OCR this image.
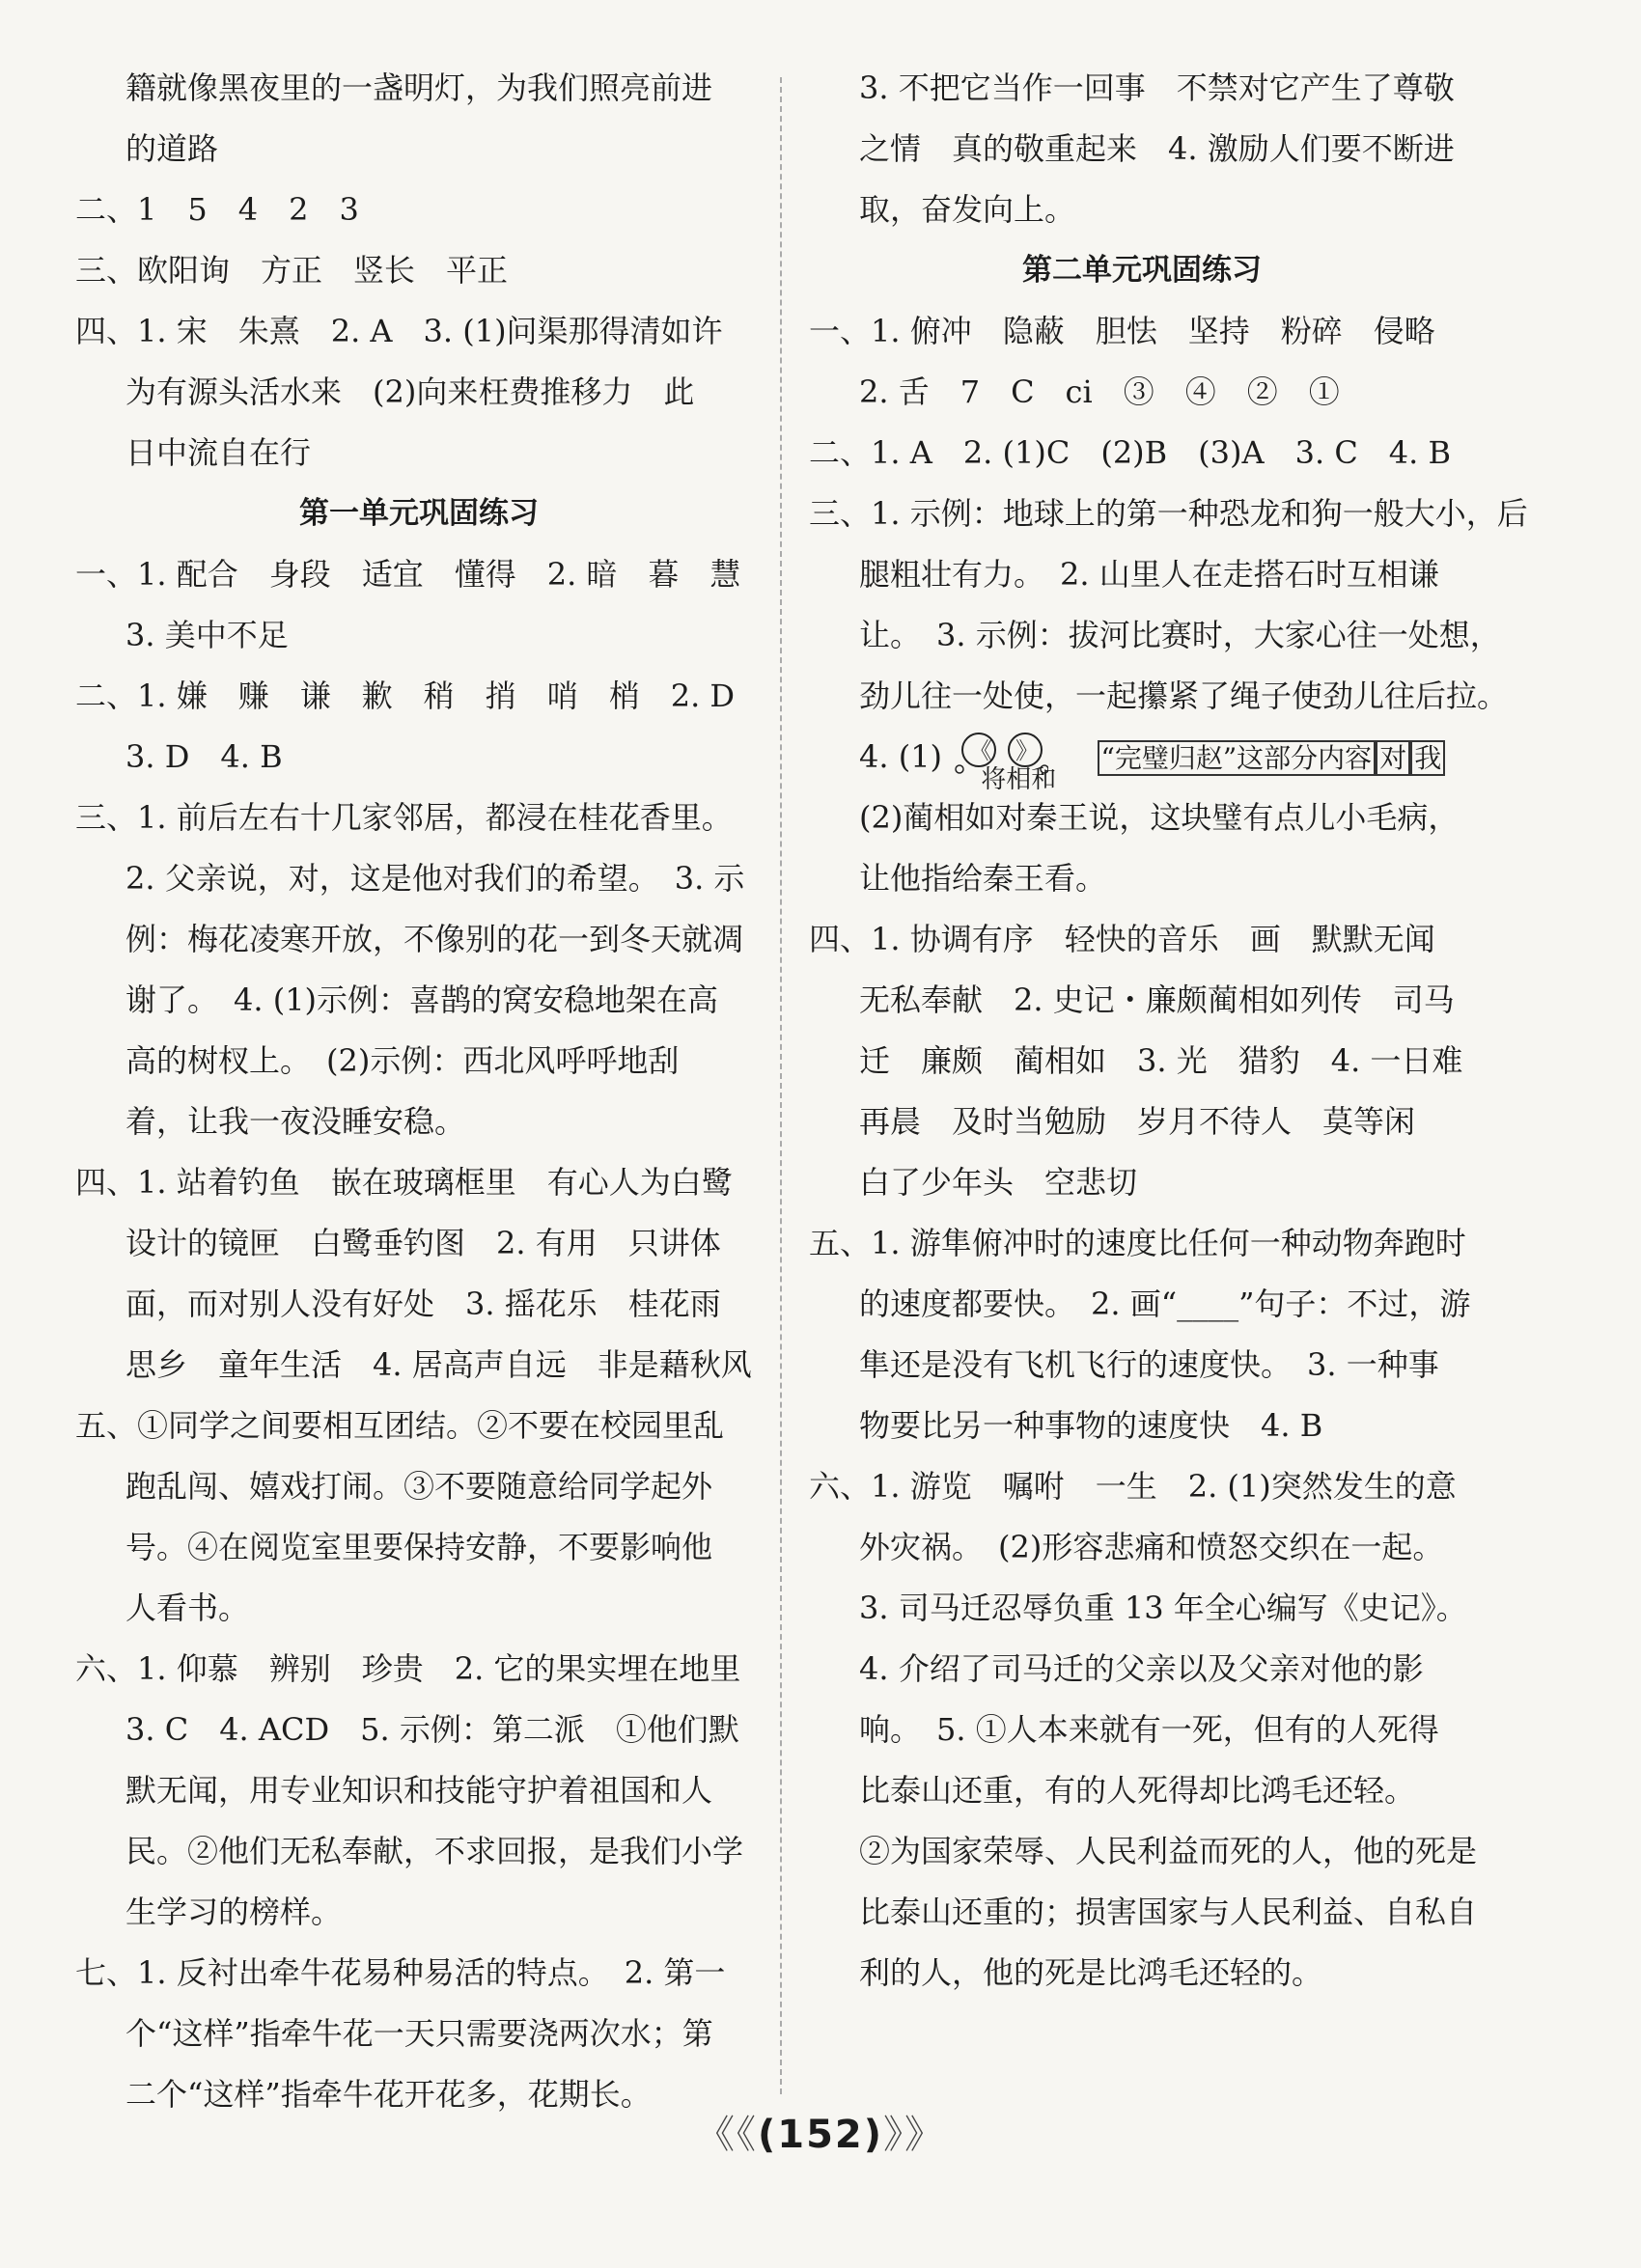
籍就像黑夜里的一盏明灯，为我们照亮前进
的道路
二、1　5　4　2　3
三、欧阳询　方正　竖长　平正
四、1. 宋　朱熹　2. A　3. (1)问渠那得清如许
为有源头活水来　(2)向来枉费推移力　此
日中流自在行
第一单元巩固练习
一、1. 配合　身段　适宜　懂得　2. 暗　暮　慧
3. 美中不足
二、1. 嫌　赚　谦　歉　稍　捎　哨　梢　2. D
3. D　4. B
三、1. 前后左右十几家邻居，都浸在桂花香里。
2. 父亲说，对，这是他对我们的希望。　3. 示
例：梅花凌寒开放，不像别的花一到冬天就凋
谢了。　4. (1)示例：喜鹊的窝安稳地架在高
高的树杈上。　(2)示例：西北风呼呼地刮
着，让我一夜没睡安稳。
四、1. 站着钓鱼　嵌在玻璃框里　有心人为白鹭
设计的镜匣　白鹭垂钓图　2. 有用　只讲体
面，而对别人没有好处　3. 摇花乐　桂花雨
思乡　童年生活　4. 居高声自远　非是藉秋风
五、①同学之间要相互团结。②不要在校园里乱
跑乱闯、嬉戏打闹。③不要随意给同学起外
号。④在阅览室里要保持安静，不要影响他
人看书。
六、1. 仰慕　辨别　珍贵　2. 它的果实埋在地里
3. C　4. ACD　5. 示例：第二派　①他们默
默无闻，用专业知识和技能守护着祖国和人
民。②他们无私奉献，不求回报，是我们小学
生学习的榜样。
七、1. 反衬出牵牛花易种易活的特点。　2. 第一
个“这样”指牵牛花一天只需要浇两次水；第
二个“这样”指牵牛花开花多，花期长。
3. 不把它当作一回事　不禁对它产生了尊敬
之情　真的敬重起来　4. 激励人们要不断进
取，奋发向上。
第二单元巩固练习
一、1. 俯冲　隐蔽　胆怯　坚持　粉碎　侵略
2. 舌　7　C　ci　③　④　②　①
二、1. A　2. (1)C　(2)B　(3)A　3. C　4. B
三、1. 示例：地球上的第一种恐龙和狗一般大小，后
腿粗壮有力。　2. 山里人在走搭石时互相谦
让。　3. 示例：拔河比赛时，大家心往一处想，
劲儿往一处使，一起攥紧了绳子使劲儿往后拉。
4. (1) 《 》
将相和
“完璧归赵”这部分内容 对 我
(2)蔺相如对秦王说，这块璧有点儿小毛病，
让他指给秦王看。
四、1. 协调有序　轻快的音乐　画　默默无闻
无私奉献　2. 史记・廉颇蔺相如列传　司马
迁　廉颇　蔺相如　3. 光　猎豹　4. 一日难
再晨　及时当勉励　岁月不待人　莫等闲
白了少年头　空悲切
五、1. 游隼俯冲时的速度比任何一种动物奔跑时
的速度都要快。　2. 画“____”句子：不过，游
隼还是没有飞机飞行的速度快。　3. 一种事
物要比另一种事物的速度快　4. B
六、1. 游览　嘱咐　一生　2. (1)突然发生的意
外灾祸。　(2)形容悲痛和愤怒交织在一起。
3. 司马迁忍辱负重 13 年全心编写《史记》。
4. 介绍了司马迁的父亲以及父亲对他的影
响。　5. ①人本来就有一死，但有的人死得
比泰山还重，有的人死得却比鸿毛还轻。
②为国家荣辱、人民利益而死的人，他的死是
比泰山还重的；损害国家与人民利益、自私自
利的人，他的死是比鸿毛还轻的。
《《(152)》》
